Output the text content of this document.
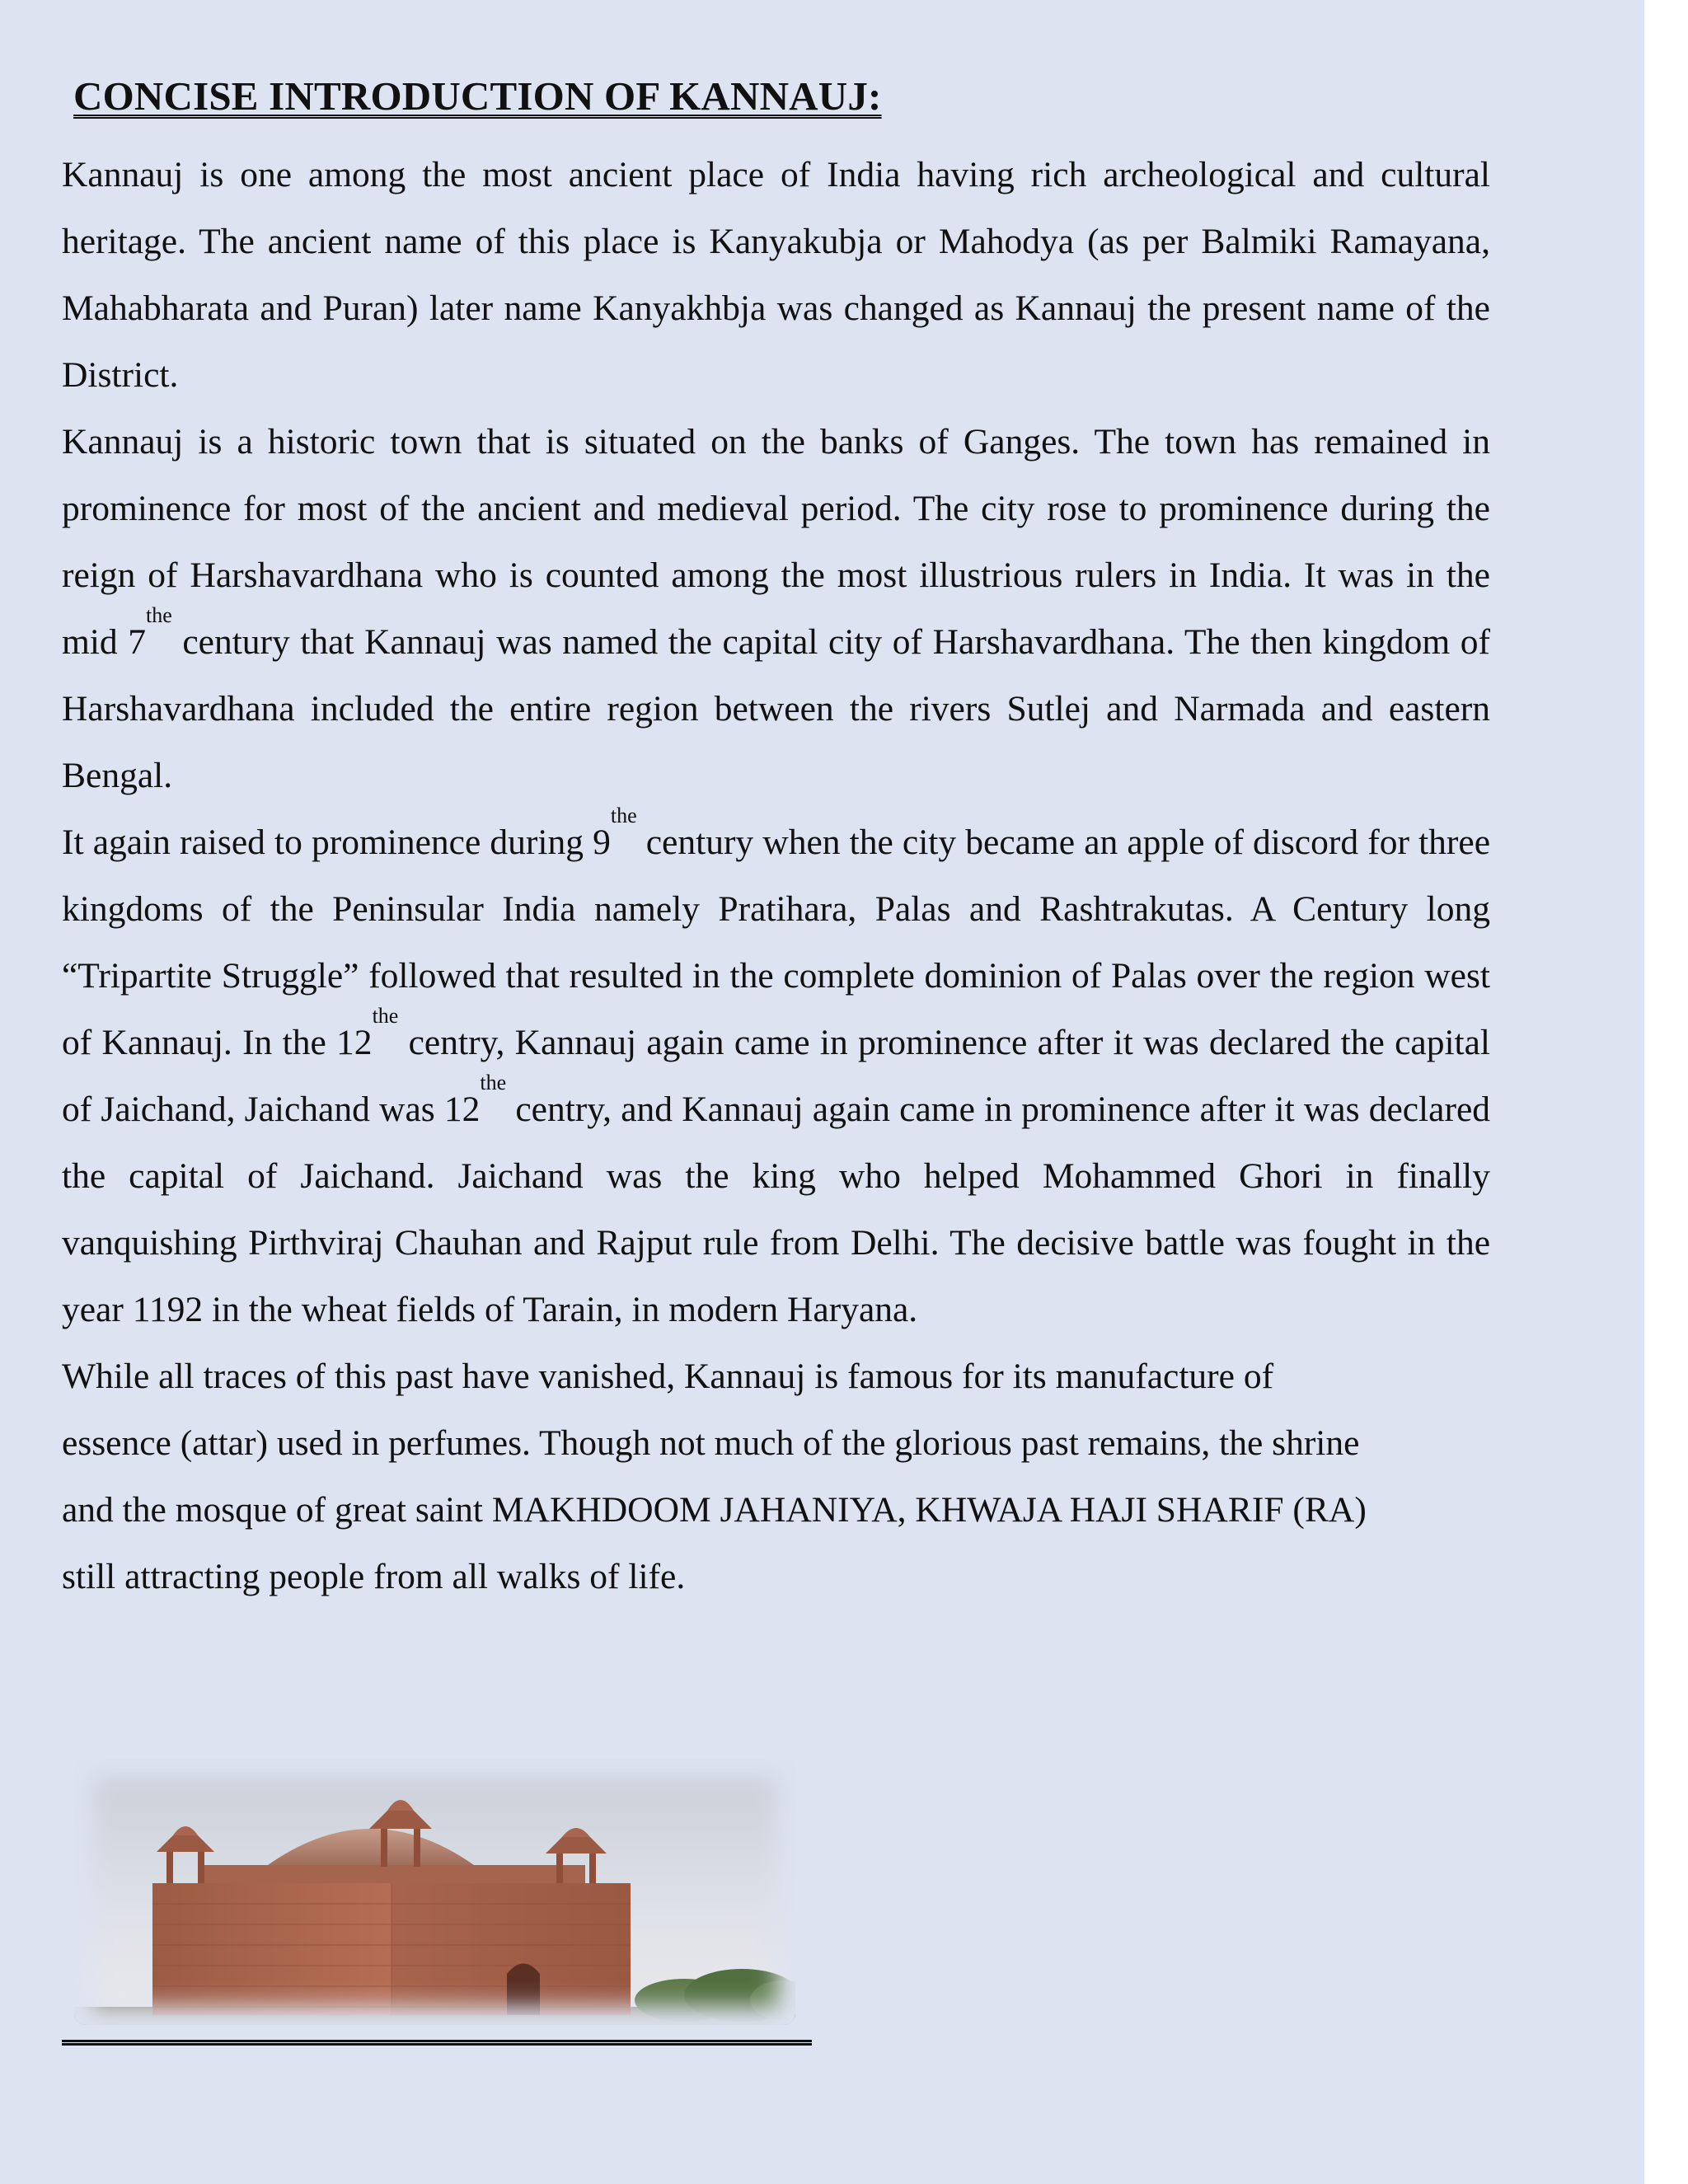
CONCISE INTRODUCTION OF KANNAUJ:

Kannauj is one among the most ancient place of India having rich archeological and cultural heritage. The ancient name of this place is Kanyakubja or Mahodya (as per Balmiki Ramayana, Mahabharata and Puran) later name Kanyakhbja was changed as Kannauj the present name of the District.

Kannauj is a historic town that is situated on the banks of Ganges. The town has remained in prominence for most of the ancient and medieval period. The city rose to prominence during the reign of Harshavardhana who is counted among the most illustrious rulers in India. It was in the mid $7^{the}$ century that Kannauj was named the capital city of Harshavardhana. The then kingdom of Harshavardhana included the entire region between the rivers Sutlej and Narmada and eastern Bengal.

It again raised to prominence during $9^{the}$ century when the city became an apple of discord for three kingdoms of the Peninsular India namely Pratihara, Palas and Rashtrakutas. A Century long “Tripartite Struggle” followed that resulted in the complete dominion of Palas over the region west of Kannauj. In the $12^{the}$ centry, Kannauj again came in prominence after it was declared the capital of Jaichand, Jaichand was $12^{the}$ centry, and Kannauj again came in prominence after it was declared the capital of Jaichand. Jaichand was the king who helped Mohammed Ghori in finally vanquishing Pirthviraj Chauhan and Rajput rule from Delhi. The decisive battle was fought in the year 1192 in the wheat fields of Tarain, in modern Haryana.

While all traces of this past have vanished, Kannauj is famous for its manufacture of
essence (attar) used in perfumes. Though not much of the glorious past remains, the shrine
and the mosque of great saint MAKHDOOM JAHANIYA, KHWAJA HAJI SHARIF (RA)
still attracting people from all walks of life.
